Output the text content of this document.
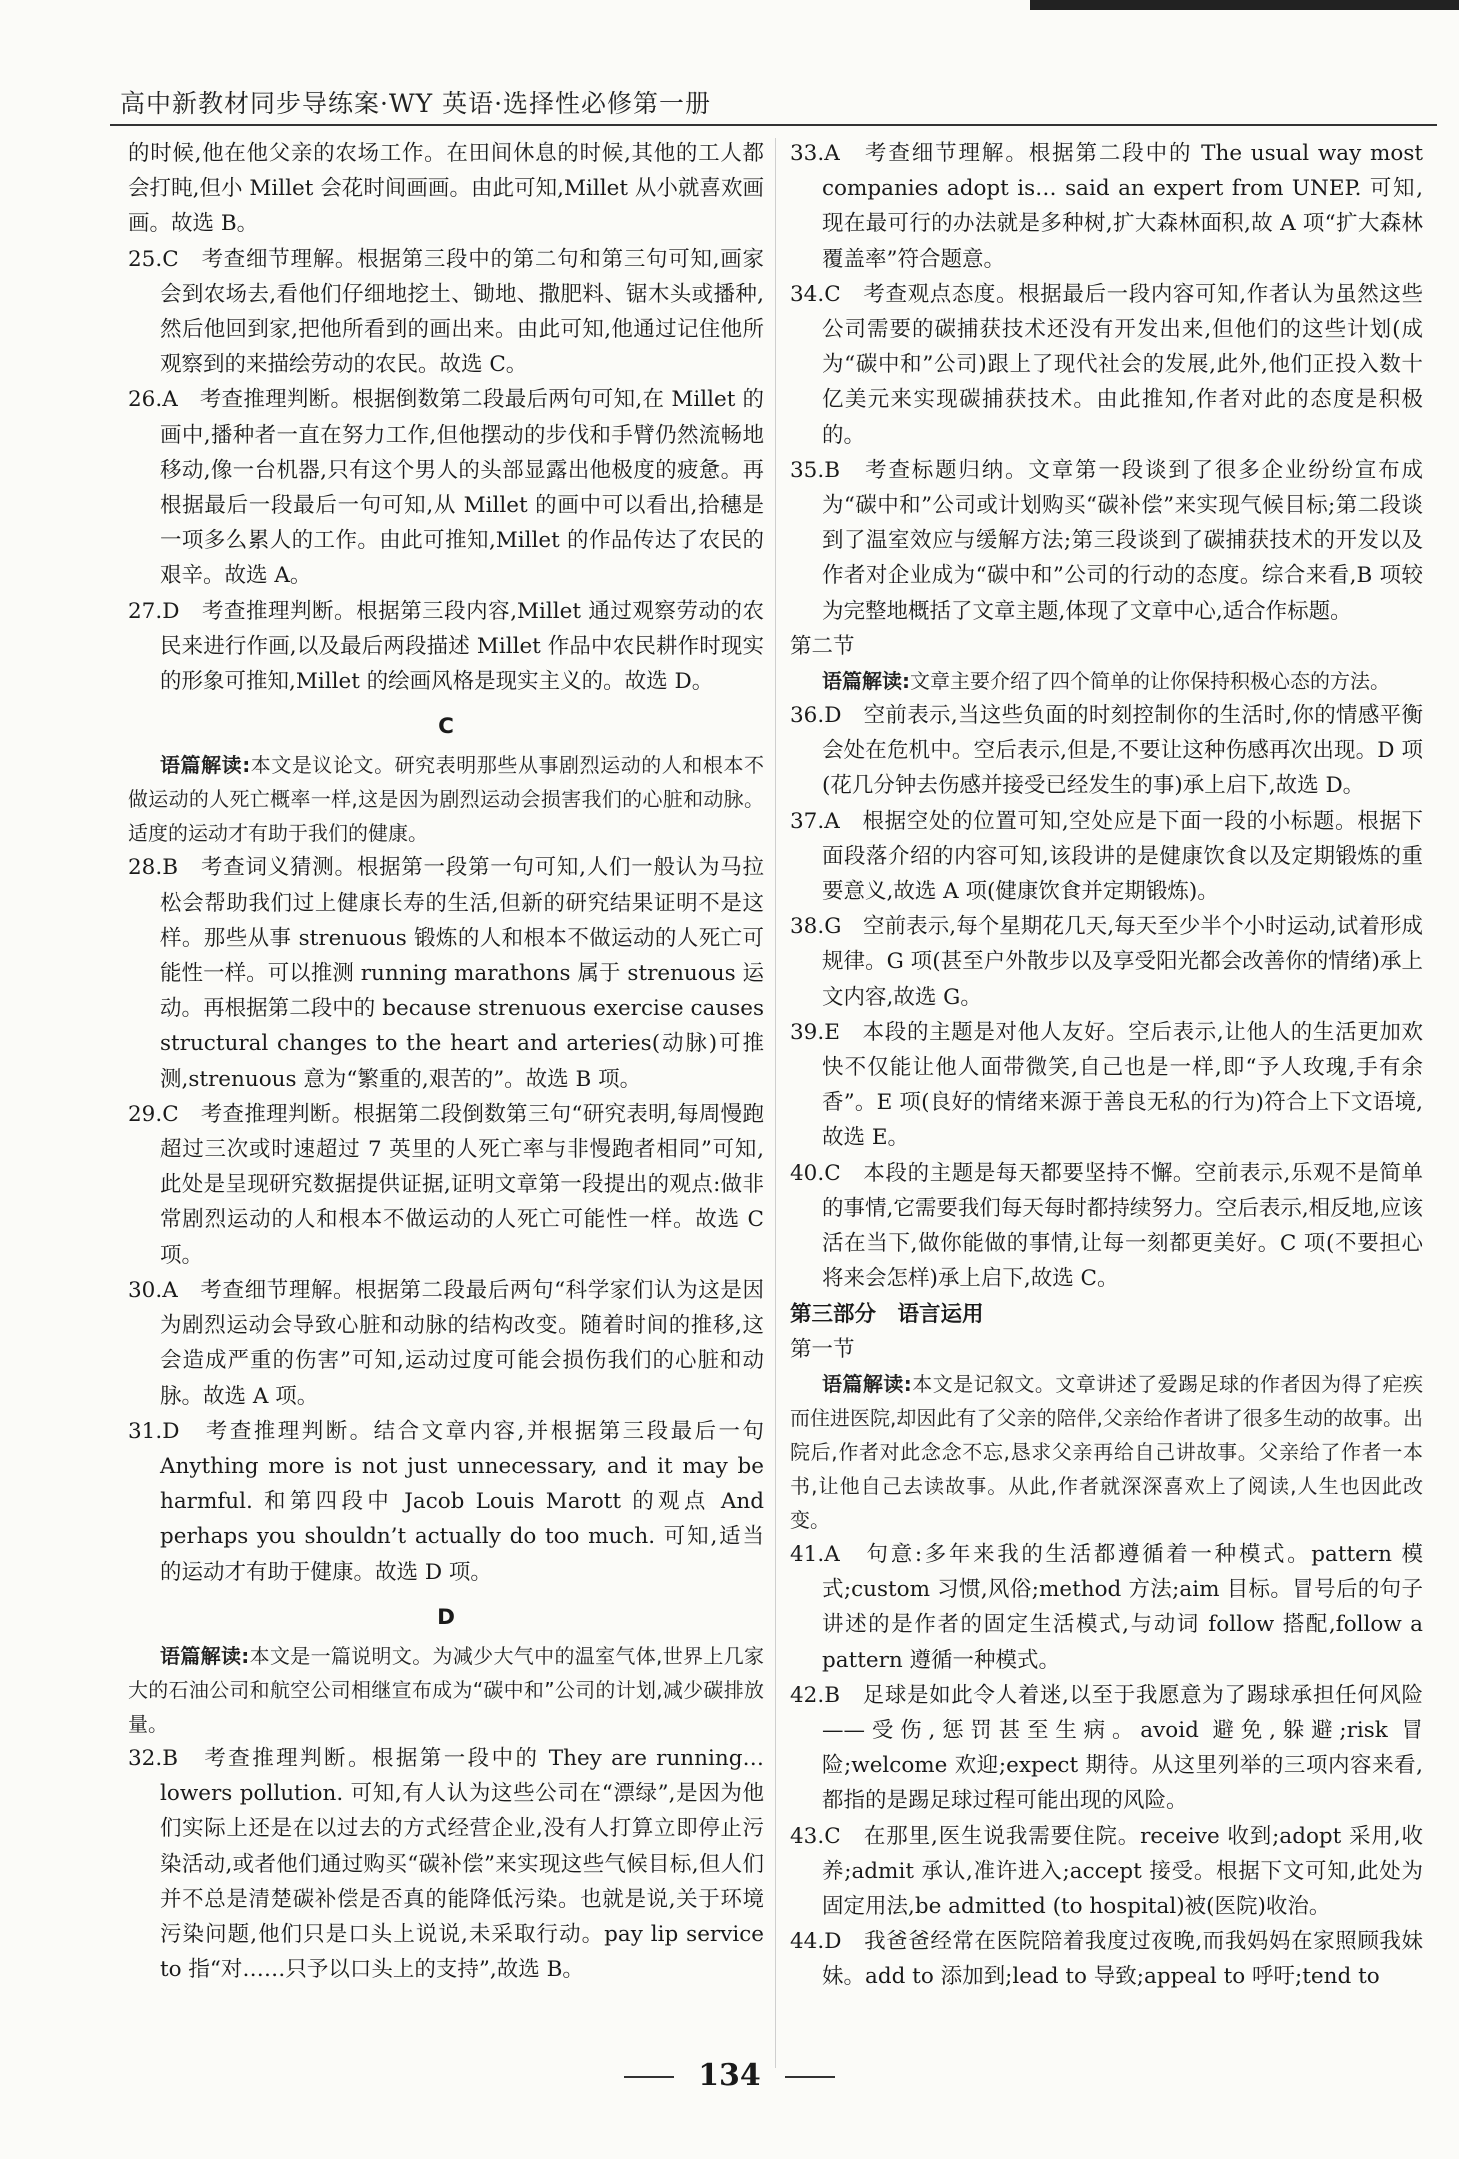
高中新教材同步导练案·WY 英语·选择性必修第一册

的时候,他在他父亲的农场工作。在田间休息的时候,其他的工人都会打盹,但小 Millet 会花时间画画。由此可知,Millet 从小就喜欢画画。故选 B。

25.C　考查细节理解。根据第三段中的第二句和第三句可知,画家会到农场去,看他们仔细地挖土、锄地、撒肥料、锯木头或播种,然后他回到家,把他所看到的画出来。由此可知,他通过记住他所观察到的来描绘劳动的农民。故选 C。

26.A　考查推理判断。根据倒数第二段最后两句可知,在 Millet 的画中,播种者一直在努力工作,但他摆动的步伐和手臂仍然流畅地移动,像一台机器,只有这个男人的头部显露出他极度的疲惫。再根据最后一段最后一句可知,从 Millet 的画中可以看出,拾穗是一项多么累人的工作。由此可推知,Millet 的作品传达了农民的艰辛。故选 A。

27.D　考查推理判断。根据第三段内容,Millet 通过观察劳动的农民来进行作画,以及最后两段描述 Millet 作品中农民耕作时现实的形象可推知,Millet 的绘画风格是现实主义的。故选 D。

C

语篇解读:本文是议论文。研究表明那些从事剧烈运动的人和根本不做运动的人死亡概率一样,这是因为剧烈运动会损害我们的心脏和动脉。适度的运动才有助于我们的健康。

28.B　考查词义猜测。根据第一段第一句可知,人们一般认为马拉松会帮助我们过上健康长寿的生活,但新的研究结果证明不是这样。那些从事 strenuous 锻炼的人和根本不做运动的人死亡可能性一样。可以推测 running marathons 属于 strenuous 运动。再根据第二段中的 because strenuous exercise causes structural changes to the heart and arteries(动脉)可推测,strenuous 意为“繁重的,艰苦的”。故选 B 项。

29.C　考查推理判断。根据第二段倒数第三句“研究表明,每周慢跑超过三次或时速超过 7 英里的人死亡率与非慢跑者相同”可知,此处是呈现研究数据提供证据,证明文章第一段提出的观点:做非常剧烈运动的人和根本不做运动的人死亡可能性一样。故选 C 项。

30.A　考查细节理解。根据第二段最后两句“科学家们认为这是因为剧烈运动会导致心脏和动脉的结构改变。随着时间的推移,这会造成严重的伤害”可知,运动过度可能会损伤我们的心脏和动脉。故选 A 项。

31.D　考查推理判断。结合文章内容,并根据第三段最后一句 Anything more is not just unnecessary, and it may be harmful. 和第四段中 Jacob Louis Marott 的观点 And perhaps you shouldn’t actually do too much. 可知,适当的运动才有助于健康。故选 D 项。

D

语篇解读:本文是一篇说明文。为减少大气中的温室气体,世界上几家大的石油公司和航空公司相继宣布成为“碳中和”公司的计划,减少碳排放量。

32.B　考查推理判断。根据第一段中的 They are running… lowers pollution. 可知,有人认为这些公司在“漂绿”,是因为他们实际上还是在以过去的方式经营企业,没有人打算立即停止污染活动,或者他们通过购买“碳补偿”来实现这些气候目标,但人们并不总是清楚碳补偿是否真的能降低污染。也就是说,关于环境污染问题,他们只是口头上说说,未采取行动。pay lip service to 指“对……只予以口头上的支持”,故选 B。

33.A　考查细节理解。根据第二段中的 The usual way most companies adopt is… said an expert from UNEP. 可知,现在最可行的办法就是多种树,扩大森林面积,故 A 项“扩大森林覆盖率”符合题意。

34.C　考查观点态度。根据最后一段内容可知,作者认为虽然这些公司需要的碳捕获技术还没有开发出来,但他们的这些计划(成为“碳中和”公司)跟上了现代社会的发展,此外,他们正投入数十亿美元来实现碳捕获技术。由此推知,作者对此的态度是积极的。

35.B　考查标题归纳。文章第一段谈到了很多企业纷纷宣布成为“碳中和”公司或计划购买“碳补偿”来实现气候目标;第二段谈到了温室效应与缓解方法;第三段谈到了碳捕获技术的开发以及作者对企业成为“碳中和”公司的行动的态度。综合来看,B 项较为完整地概括了文章主题,体现了文章中心,适合作标题。

第二节

语篇解读:文章主要介绍了四个简单的让你保持积极心态的方法。

36.D　空前表示,当这些负面的时刻控制你的生活时,你的情感平衡会处在危机中。空后表示,但是,不要让这种伤感再次出现。D 项(花几分钟去伤感并接受已经发生的事)承上启下,故选 D。

37.A　根据空处的位置可知,空处应是下面一段的小标题。根据下面段落介绍的内容可知,该段讲的是健康饮食以及定期锻炼的重要意义,故选 A 项(健康饮食并定期锻炼)。

38.G　空前表示,每个星期花几天,每天至少半个小时运动,试着形成规律。G 项(甚至户外散步以及享受阳光都会改善你的情绪)承上文内容,故选 G。

39.E　本段的主题是对他人友好。空后表示,让他人的生活更加欢快不仅能让他人面带微笑,自己也是一样,即“予人玫瑰,手有余香”。E 项(良好的情绪来源于善良无私的行为)符合上下文语境,故选 E。

40.C　本段的主题是每天都要坚持不懈。空前表示,乐观不是简单的事情,它需要我们每天每时都持续努力。空后表示,相反地,应该活在当下,做你能做的事情,让每一刻都更美好。C 项(不要担心将来会怎样)承上启下,故选 C。

第三部分　语言运用

第一节

语篇解读:本文是记叙文。文章讲述了爱踢足球的作者因为得了疟疾而住进医院,却因此有了父亲的陪伴,父亲给作者讲了很多生动的故事。出院后,作者对此念念不忘,恳求父亲再给自己讲故事。父亲给了作者一本书,让他自己去读故事。从此,作者就深深喜欢上了阅读,人生也因此改变。

41.A　句意:多年来我的生活都遵循着一种模式。pattern 模式;custom 习惯,风俗;method 方法;aim 目标。冒号后的句子讲述的是作者的固定生活模式,与动词 follow 搭配,follow a pattern 遵循一种模式。

42.B　足球是如此令人着迷,以至于我愿意为了踢球承担任何风险——受伤,惩罚甚至生病。avoid 避免,躲避;risk 冒险;welcome 欢迎;expect 期待。从这里列举的三项内容来看,都指的是踢足球过程可能出现的风险。

43.C　在那里,医生说我需要住院。receive 收到;adopt 采用,收养;admit 承认,准许进入;accept 接受。根据下文可知,此处为固定用法,be admitted (to hospital)被(医院)收治。

44.D　我爸爸经常在医院陪着我度过夜晚,而我妈妈在家照顾我妹妹。add to 添加到;lead to 导致;appeal to 呼吁;tend to

134
